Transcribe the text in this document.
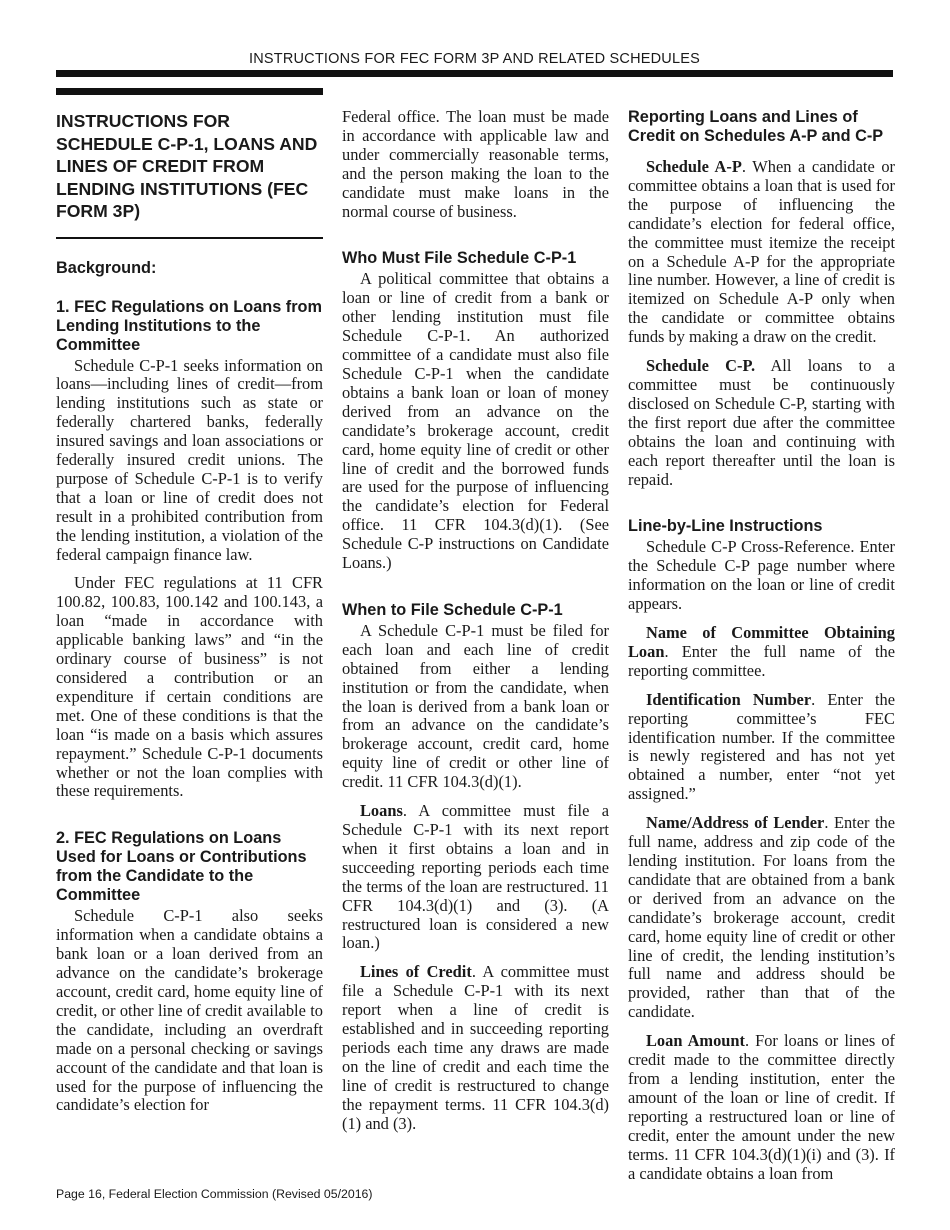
INSTRUCTIONS FOR FEC FORM 3P AND RELATED SCHEDULES
INSTRUCTIONS FOR SCHEDULE C-P-1, LOANS AND LINES OF CREDIT FROM LENDING INSTITUTIONS (FEC FORM 3P)
Background:
1. FEC Regulations on Loans from Lending Institutions to the Committee

Schedule C-P-1 seeks information on loans—including lines of credit—from lending institutions such as state or federally chartered banks, federally insured savings and loan associations or federally insured credit unions. The purpose of Schedule C-P-1 is to verify that a loan or line of credit does not result in a prohibited contribution from the lending institution, a violation of the federal campaign finance law.

Under FEC regulations at 11 CFR 100.82, 100.83, 100.142 and 100.143, a loan “made in accordance with applicable banking laws” and “in the ordinary course of business” is not considered a contribution or an expenditure if certain conditions are met. One of these conditions is that the loan “is made on a basis which assures repayment.” Schedule C-P-1 documents whether or not the loan complies with these requirements.

2. FEC Regulations on Loans Used for Loans or Contributions from the Candidate to the Committee

Schedule C-P-1 also seeks information when a candidate obtains a bank loan or a loan derived from an advance on the candidate’s brokerage account, credit card, home equity line of credit, or other line of credit available to the candidate, including an overdraft made on a personal checking or savings account of the candidate and that loan is used for the purpose of influencing the candidate’s election for

Federal office. The loan must be made in accordance with applicable law and under commercially reasonable terms, and the person making the loan to the candidate must make loans in the normal course of business.

Who Must File Schedule C-P-1

A political committee that obtains a loan or line of credit from a bank or other lending institution must file Schedule C-P-1. An authorized committee of a candidate must also file Schedule C-P-1 when the candidate obtains a bank loan or loan of money derived from an advance on the candidate’s brokerage account, credit card, home equity line of credit or other line of credit and the borrowed funds are used for the purpose of influencing the candidate’s election for Federal office. 11 CFR 104.3(d)(1). (See Schedule C-P instructions on Candidate Loans.)

When to File Schedule C-P-1

A Schedule C-P-1 must be filed for each loan and each line of credit obtained from either a lending institution or from the candidate, when the loan is derived from a bank loan or from an advance on the candidate’s brokerage account, credit card, home equity line of credit or other line of credit. 11 CFR 104.3(d)(1).

Loans. A committee must file a Schedule C-P-1 with its next report when it first obtains a loan and in succeeding reporting periods each time the terms of the loan are restructured. 11 CFR 104.3(d)(1) and (3). (A restructured loan is considered a new loan.)

Lines of Credit. A committee must file a Schedule C-P-1 with its next report when a line of credit is established and in succeeding reporting periods each time any draws are made on the line of credit and each time the line of credit is restructured to change the repayment terms. 11 CFR 104.3(d)(1) and (3).

Reporting Loans and Lines of Credit on Schedules A-P and C-P

Schedule A-P. When a candidate or committee obtains a loan that is used for the purpose of influencing the candidate’s election for federal office, the committee must itemize the receipt on a Schedule A-P for the appropriate line number. However, a line of credit is itemized on Schedule A-P only when the candidate or committee obtains funds by making a draw on the credit.

Schedule C-P. All loans to a committee must be continuously disclosed on Schedule C-P, starting with the first report due after the committee obtains the loan and continuing with each report thereafter until the loan is repaid.

Line-by-Line Instructions

Schedule C-P Cross-Reference. Enter the Schedule C-P page number where information on the loan or line of credit appears.

Name of Committee Obtaining Loan. Enter the full name of the reporting committee.

Identification Number. Enter the reporting committee’s FEC identification number. If the committee is newly registered and has not yet obtained a number, enter “not yet assigned.”

Name/Address of Lender. Enter the full name, address and zip code of the lending institution. For loans from the candidate that are obtained from a bank or derived from an advance on the candidate’s brokerage account, credit card, home equity line of credit or other line of credit, the lending institution’s full name and address should be provided, rather than that of the candidate.

Loan Amount. For loans or lines of credit made to the committee directly from a lending institution, enter the amount of the loan or line of credit. If reporting a restructured loan or line of credit, enter the amount under the new terms. 11 CFR 104.3(d)(1)(i) and (3). If a candidate obtains a loan from

Page 16, Federal Election Commission (Revised 05/2016)
